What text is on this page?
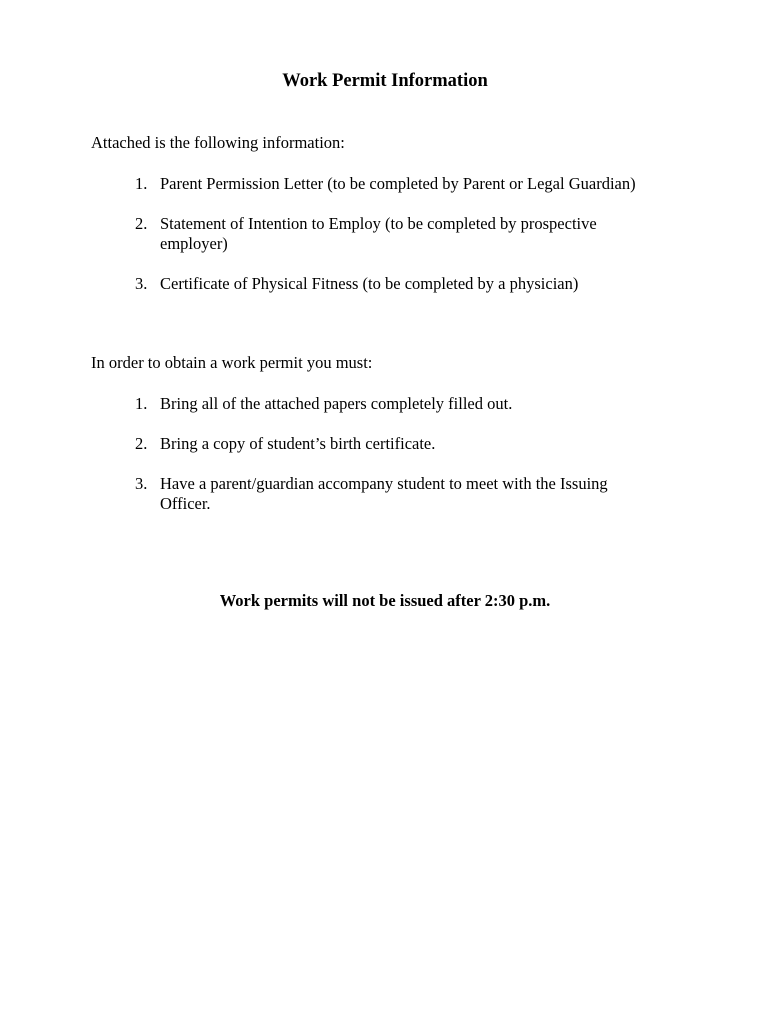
Work Permit Information
Attached is the following information:
1. Parent Permission Letter (to be completed by Parent or Legal Guardian)
2. Statement of Intention to Employ (to be completed by prospective employer)
3. Certificate of Physical Fitness (to be completed by a physician)
In order to obtain a work permit you must:
1. Bring all of the attached papers completely filled out.
2. Bring a copy of student’s birth certificate.
3. Have a parent/guardian accompany student to meet with the Issuing Officer.
Work permits will not be issued after 2:30 p.m.
